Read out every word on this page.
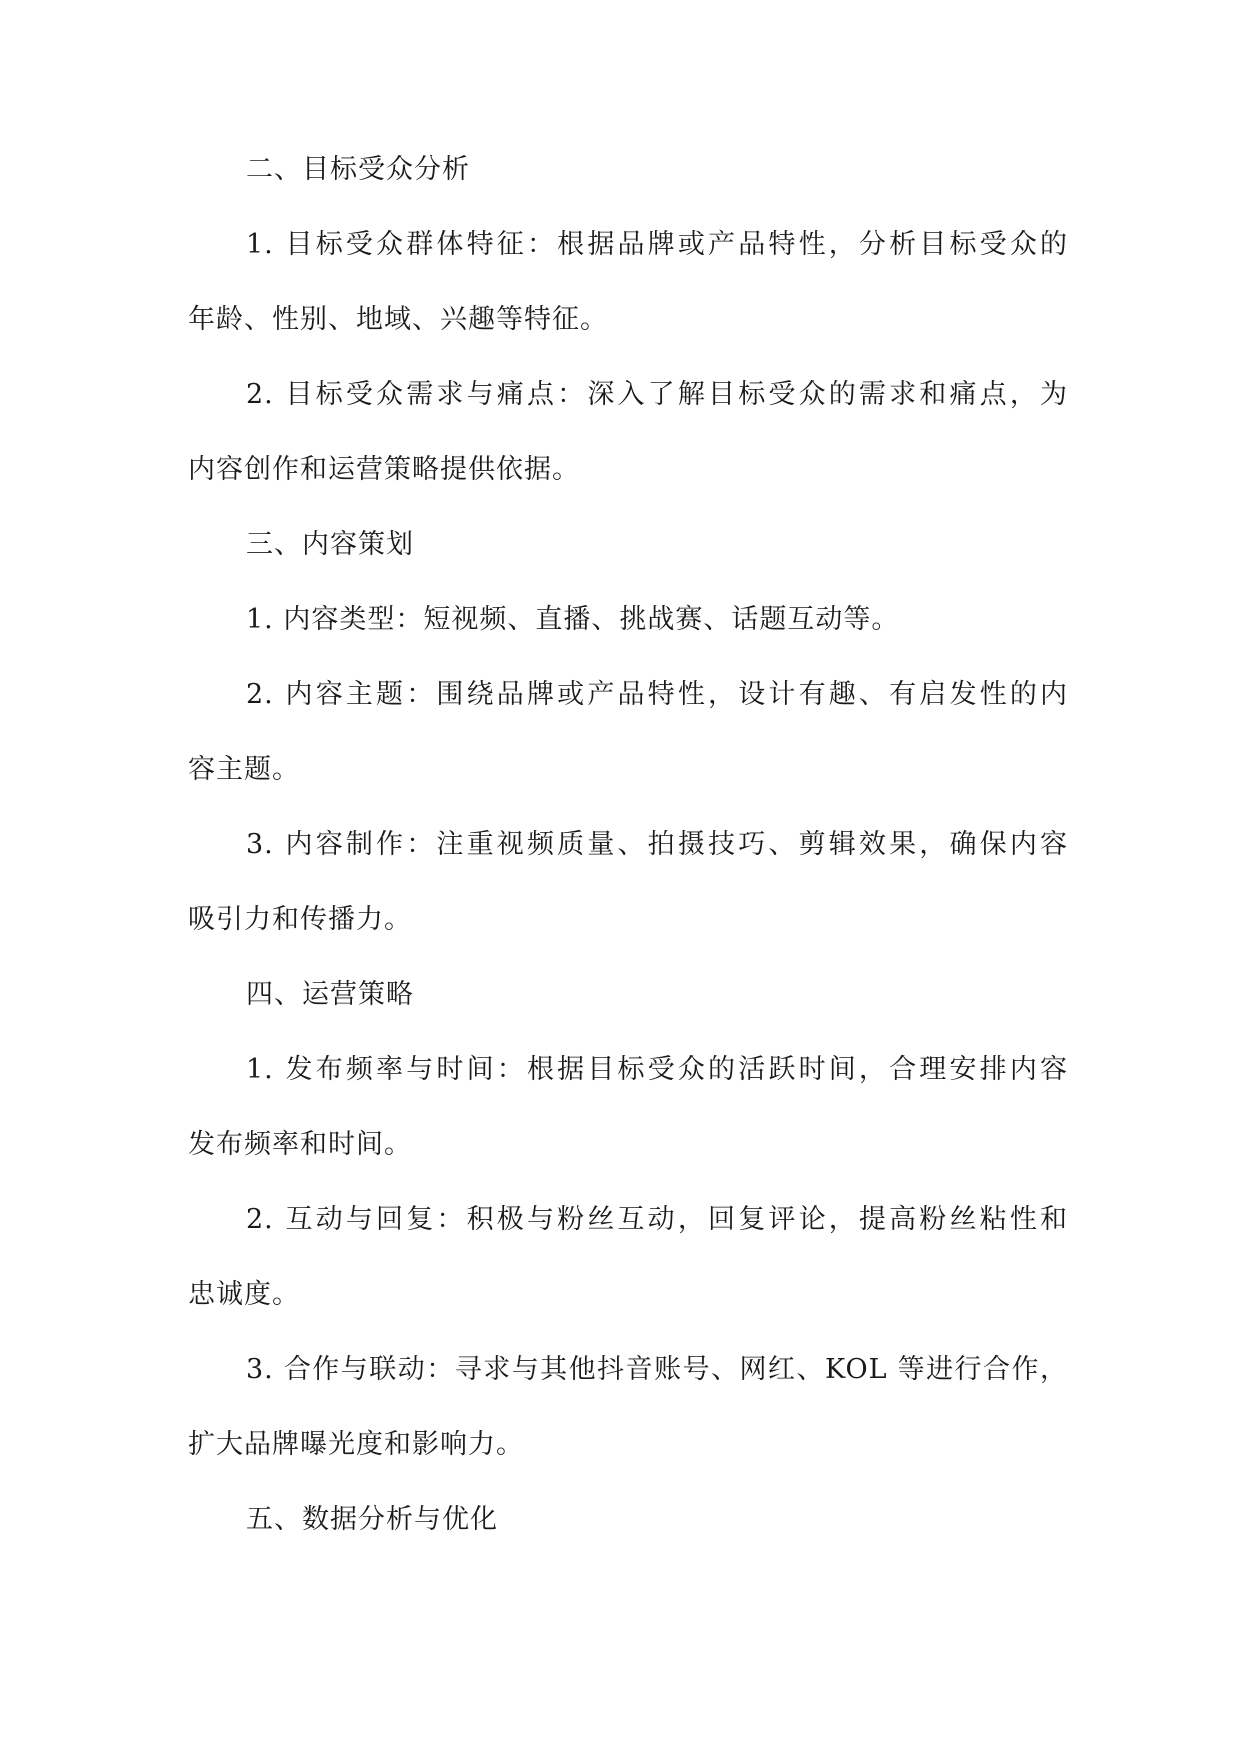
二、目标受众分析
1. 目标受众群体特征：根据品牌或产品特性，分析目标受众的
年龄、性别、地域、兴趣等特征。
2. 目标受众需求与痛点：深入了解目标受众的需求和痛点，为
内容创作和运营策略提供依据。
三、内容策划
1. 内容类型：短视频、直播、挑战赛、话题互动等。
2. 内容主题：围绕品牌或产品特性，设计有趣、有启发性的内
容主题。
3. 内容制作：注重视频质量、拍摄技巧、剪辑效果，确保内容
吸引力和传播力。
四、运营策略
1. 发布频率与时间：根据目标受众的活跃时间，合理安排内容
发布频率和时间。
2. 互动与回复：积极与粉丝互动，回复评论，提高粉丝粘性和
忠诚度。
3. 合作与联动：寻求与其他抖音账号、网红、KOL 等进行合作，
扩大品牌曝光度和影响力。
五、数据分析与优化
